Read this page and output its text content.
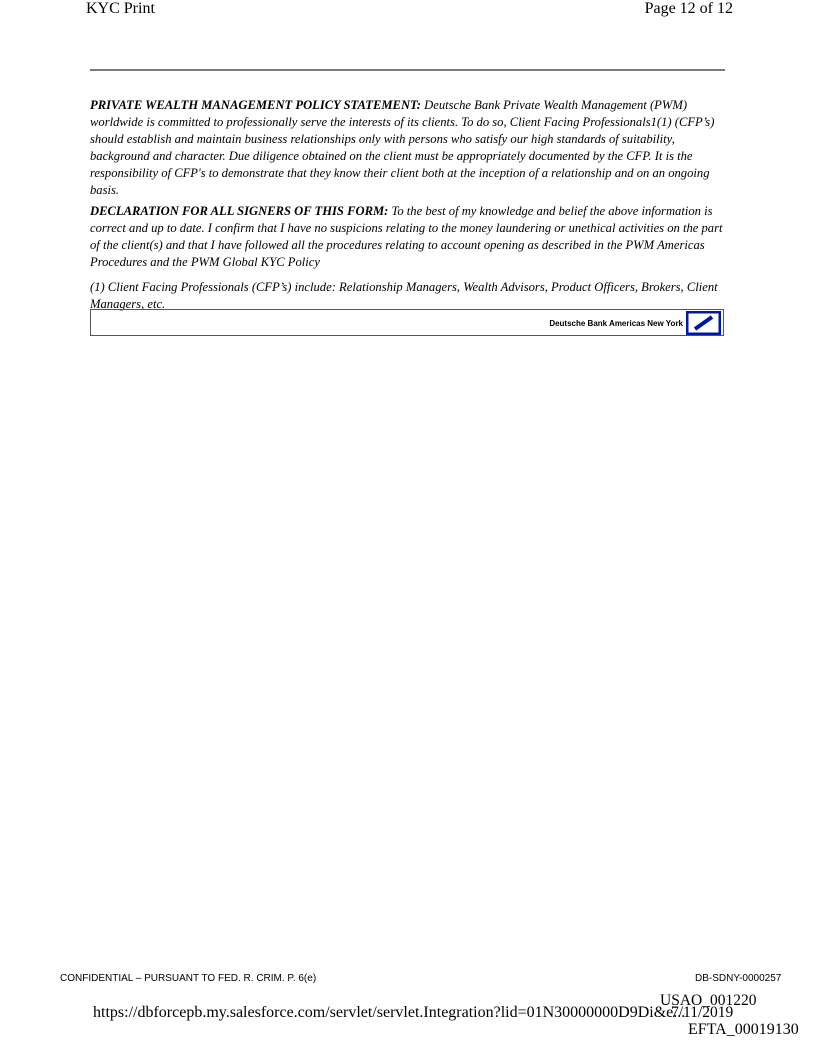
KYC Print	Page 12 of 12
PRIVATE WEALTH MANAGEMENT POLICY STATEMENT: Deutsche Bank Private Wealth Management (PWM) worldwide is committed to professionally serve the interests of its clients. To do so, Client Facing Professionals1(1) (CFP’s) should establish and maintain business relationships only with persons who satisfy our high standards of suitability, background and character. Due diligence obtained on the client must be appropriately documented by the CFP. It is the responsibility of CFP's to demonstrate that they know their client both at the inception of a relationship and on an ongoing basis.
DECLARATION FOR ALL SIGNERS OF THIS FORM: To the best of my knowledge and belief the above information is correct and up to date. I confirm that I have no suspicions relating to the money laundering or unethical activities on the part of the client(s) and that I have followed all the procedures relating to account opening as described in the PWM Americas Procedures and the PWM Global KYC Policy
(1) Client Facing Professionals (CFP’s) include: Relationship Managers, Wealth Advisors, Product Officers, Brokers, Client Managers, etc.
Deutsche Bank Americas New York
CONFIDENTIAL – PURSUANT TO FED. R. CRIM. P. 6(e)	DB-SDNY-0000257
USAO_001220
https://dbforcepb.my.salesforce.com/servlet/servlet.Integration?lid=01N30000000D9Di&e...
7/11/2019
EFTA_00019130
